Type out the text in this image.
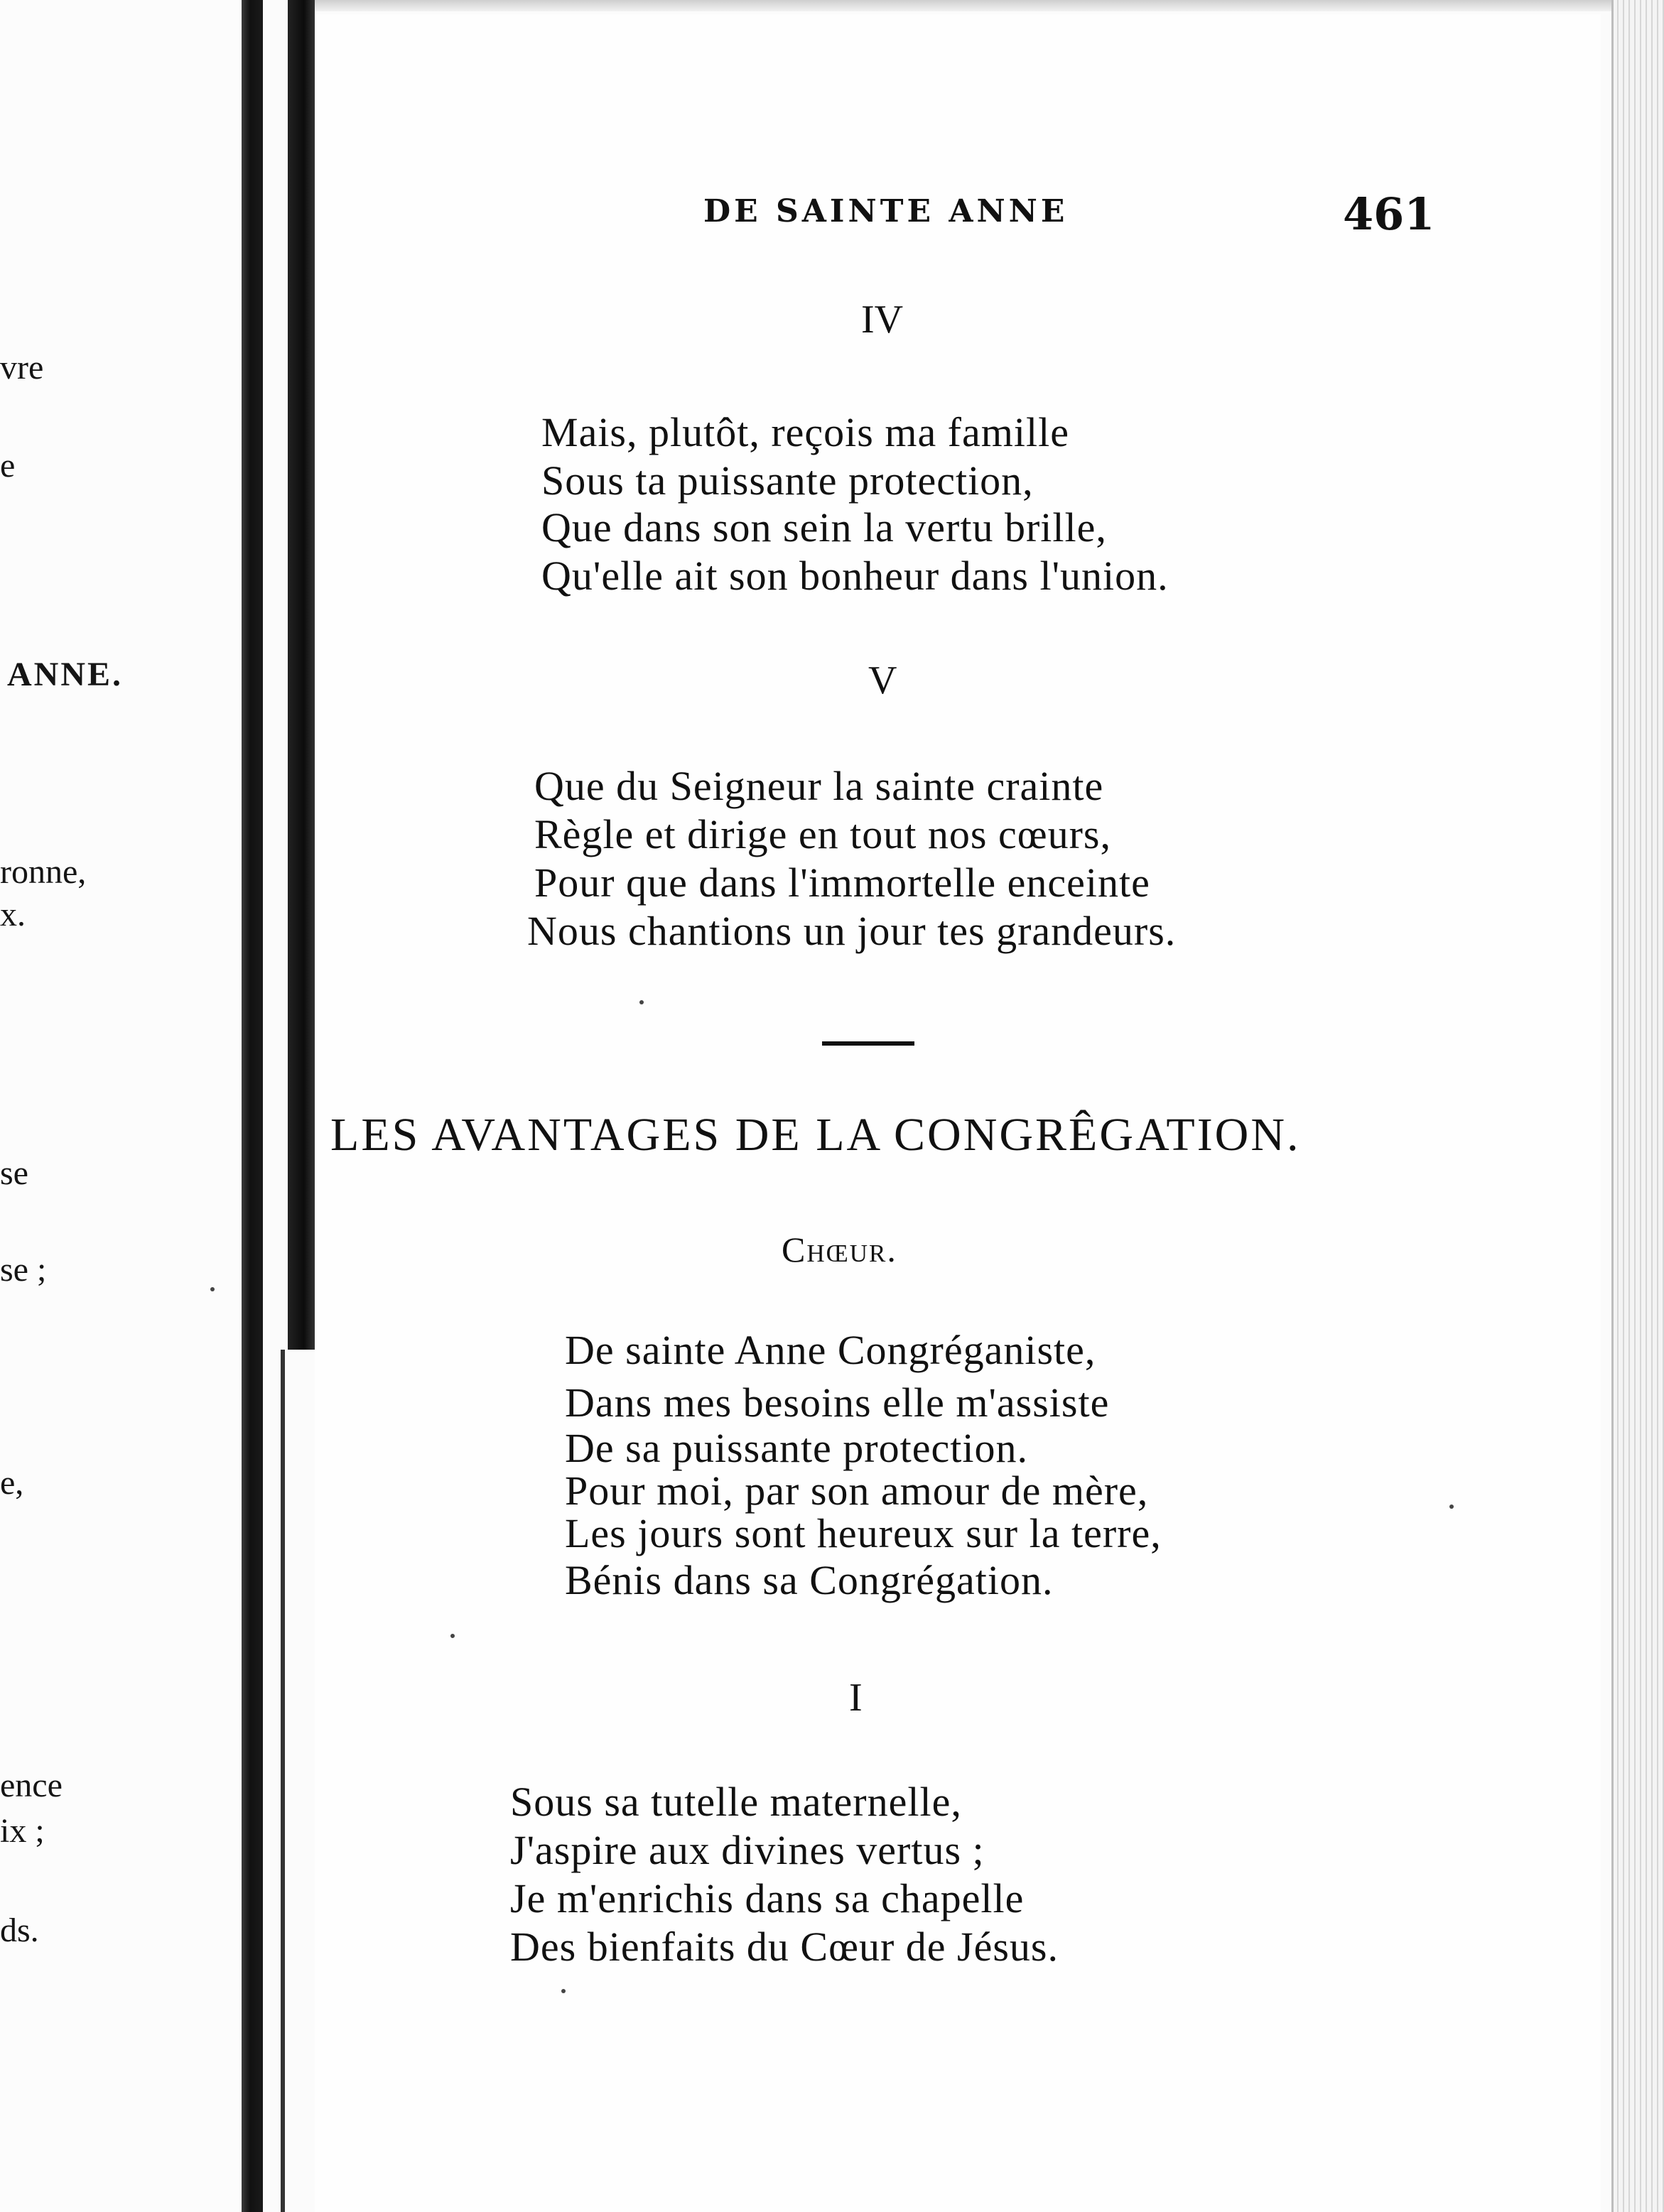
vre
e
ANNE.
ronne,
x.
se
se ;
e,
ence
ix ;
ds.
DE SAINTE ANNE	461
IV
Mais, plutôt, reçois ma famille
Sous ta puissante protection,
Que dans son sein la vertu brille,
Qu'elle ait son bonheur dans l'union.
V
Que du Seigneur la sainte crainte
Règle et dirige en tout nos cœurs,
Pour que dans l'immortelle enceinte
Nous chantions un jour tes grandeurs.
LES AVANTAGES DE LA CONGRÊGATION.
Chœur.
De sainte Anne Congréganiste,
Dans mes besoins elle m'assiste
De sa puissante protection.
Pour moi, par son amour de mère,
Les jours sont heureux sur la terre,
Bénis dans sa Congrégation.
I
Sous sa tutelle maternelle,
J'aspire aux divines vertus ;
Je m'enrichis dans sa chapelle
Des bienfaits du Cœur de Jésus.
